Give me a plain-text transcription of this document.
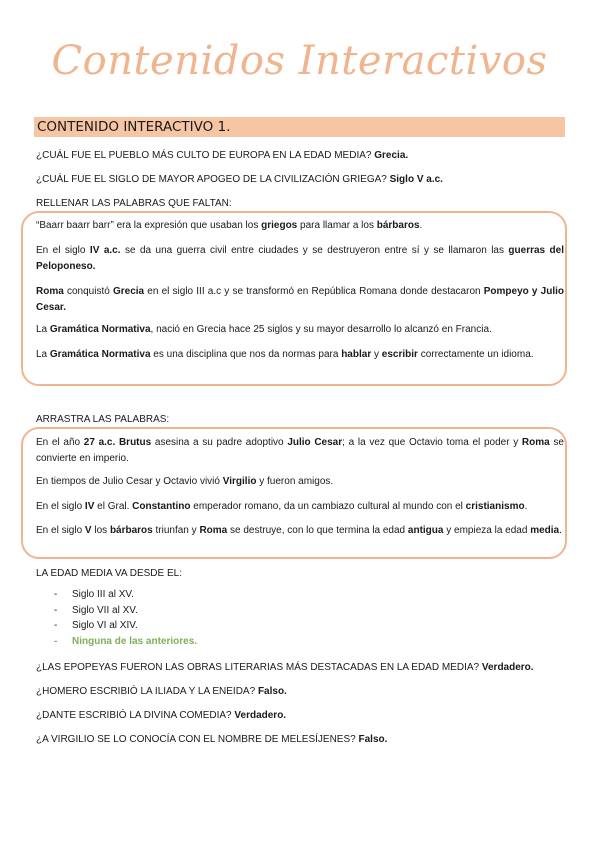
Contenidos Interactivos
CONTENIDO INTERACTIVO 1.
¿CUÁL FUE EL PUEBLO MÁS CULTO DE EUROPA EN LA EDAD MEDIA? Grecia.
¿CUÁL FUE EL SIGLO DE MAYOR APOGEO DE LA CIVILIZACIÓN GRIEGA? Siglo V a.c.
RELLENAR LAS PALABRAS QUE FALTAN:
“Baarr baarr barr” era la expresión que usaban los griegos para llamar a los bárbaros.
En el siglo IV a.c. se da una guerra civil entre ciudades y se destruyeron entre sí y se llamaron las guerras del Peloponeso.
Roma conquistó Grecia en el siglo III a.c y se transformó en República Romana donde destacaron Pompeyo y Julio Cesar.
La Gramática Normativa, nació en Grecia hace 25 siglos y su mayor desarrollo lo alcanzó en Francia.
La Gramática Normativa es una disciplina que nos da normas para hablar y escribir correctamente un idioma.
ARRASTRA LAS PALABRAS:
En el año 27 a.c. Brutus asesina a su padre adoptivo Julio Cesar; a la vez que Octavio toma el poder y Roma se convierte en imperio.
En tiempos de Julio Cesar y Octavio vivió Virgilio y fueron amigos.
En el siglo IV el Gral. Constantino emperador romano, da un cambiazo cultural al mundo con el cristianismo.
En el siglo V los bárbaros triunfan y Roma se destruye, con lo que termina la edad antigua y empieza la edad media.
LA EDAD MEDIA VA DESDE EL:
- Siglo III al XV.
- Siglo VII al XV.
- Siglo VI al XIV.
- Ninguna de las anteriores.
¿LAS EPOPEYAS FUERON LAS OBRAS LITERARIAS MÁS DESTACADAS EN LA EDAD MEDIA? Verdadero.
¿HOMERO ESCRIBIÓ LA ILIADA Y LA ENEIDA? Falso.
¿DANTE ESCRIBIÓ LA DIVINA COMEDIA? Verdadero.
¿A VIRGILIO SE LO CONOCÍA CON EL NOMBRE DE MELESÍJENES? Falso.
